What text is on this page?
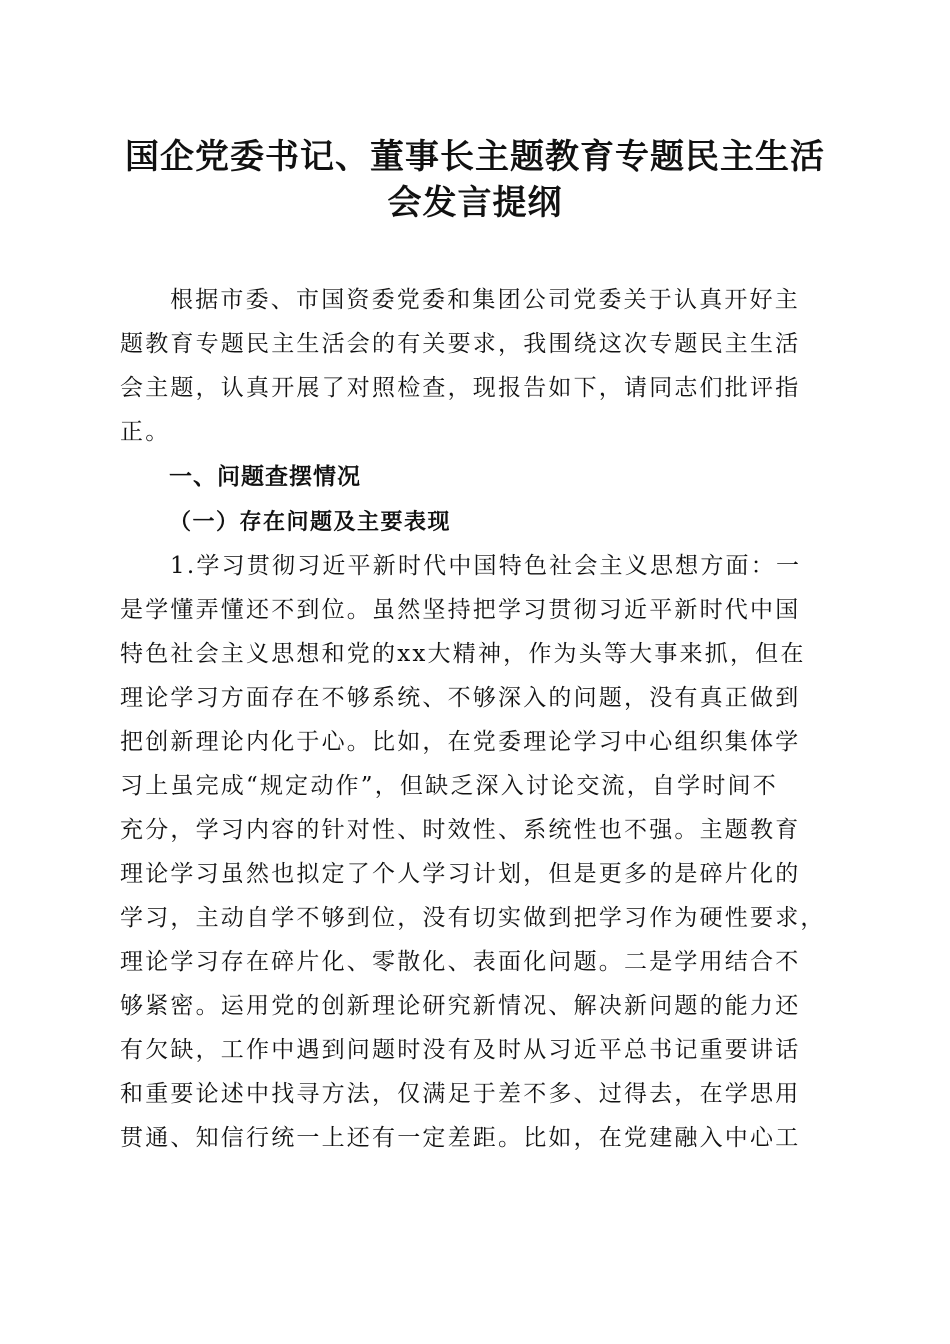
国企党委书记、董事长主题教育专题民主生活
会发言提纲

根据市委、市国资委党委和集团公司党委关于认真开好主
题教育专题民主生活会的有关要求，我围绕这次专题民主生活
会主题，认真开展了对照检查，现报告如下，请同志们批评指
正。

一、问题查摆情况
（一）存在问题及主要表现

1.学习贯彻习近平新时代中国特色社会主义思想方面：一
是学懂弄懂还不到位。虽然坚持把学习贯彻习近平新时代中国
特色社会主义思想和党的xx大精神，作为头等大事来抓，但在
理论学习方面存在不够系统、不够深入的问题，没有真正做到
把创新理论内化于心。比如，在党委理论学习中心组织集体学
习上虽完成“规定动作”，但缺乏深入讨论交流，自学时间不
充分，学习内容的针对性、时效性、系统性也不强。主题教育
理论学习虽然也拟定了个人学习计划，但是更多的是碎片化的
学习，主动自学不够到位，没有切实做到把学习作为硬性要求，
理论学习存在碎片化、零散化、表面化问题。二是学用结合不
够紧密。运用党的创新理论研究新情况、解决新问题的能力还
有欠缺，工作中遇到问题时没有及时从习近平总书记重要讲话
和重要论述中找寻方法，仅满足于差不多、过得去，在学思用
贯通、知信行统一上还有一定差距。比如，在党建融入中心工
